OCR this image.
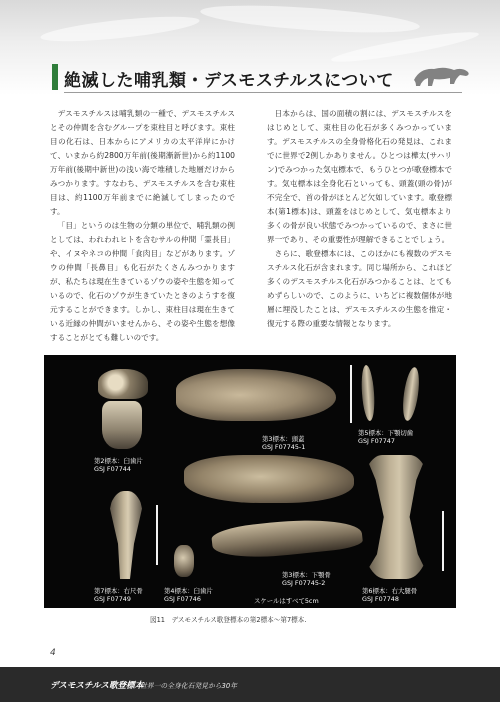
絶滅した哺乳類・デスモスチルスについて

デスモスチルスは哺乳類の一種で、デスモスチルスとその仲間を含むグループを束柱目と呼びます。束柱目の化石は、日本からにアメリカの太平洋岸にかけて、いまから約2800万年前(後期漸新世)から約1100万年前(後期中新世)の浅い海で堆積した地層だけからみつかります。すなわち、デスモスチルスを含む束柱目は、約1100万年前までに絶滅してしまったのです。

「目」というのは生物の分類の単位で、哺乳類の例としては、われわれヒトを含むサルの仲間「霊長目」や、イヌやネコの仲間「食肉目」などがあります。ゾウの仲間「長鼻目」も化石がたくさんみつかりますが、私たちは現在生きているゾウの姿や生態を知っているので、化石のゾウが生きていたときのようすを復元することができます。しかし、束柱目は現在生きている近縁の仲間がいませんから、その姿や生態を想像することがとても難しいのです。

日本からは、国の面積の割には、デスモスチルスをはじめとして、束柱目の化石が多くみつかっています。デスモスチルスの全身骨格化石の発見は、これまでに世界で2例しかありません。ひとつは樺太(サハリン)でみつかった気屯標本で、もうひとつが歌登標本です。気屯標本は全身化石といっても、頭蓋(頭の骨)が不完全で、首の骨がほとんど欠如しています。歌登標本(第1標本)は、頭蓋をはじめとして、気屯標本より多くの骨が良い状態でみつかっているので、まさに世界一であり、その重要性が理解できることでしょう。

さらに、歌登標本には、このほかにも複数のデスモスチルス化石が含まれます。同じ場所から、これほど多くのデスモスチルス化石がみつかることは、とてもめずらしいので、このように、いちどに複数個体が地層に埋没したことは、デスモスチルスの生態を推定・復元する際の重要な情報となります。

第2標本：臼歯片
GSJ F07744
第3標本：頭蓋
GSJ F07745-1
第3標本：下顎骨
GSJ F07745-2
第5標本：下顎切歯
GSJ F07747
第6標本：右大腿骨
GSJ F07748
第7標本：右尺骨
GSJ F07749
第4標本：臼歯片
GSJ F07746	スケールはすべて5cm
図11　デスモスチルス歌登標本の第2標本〜第7標本.
4
デスモスチルス歌登標本
世界一の全身化石発見から30年
